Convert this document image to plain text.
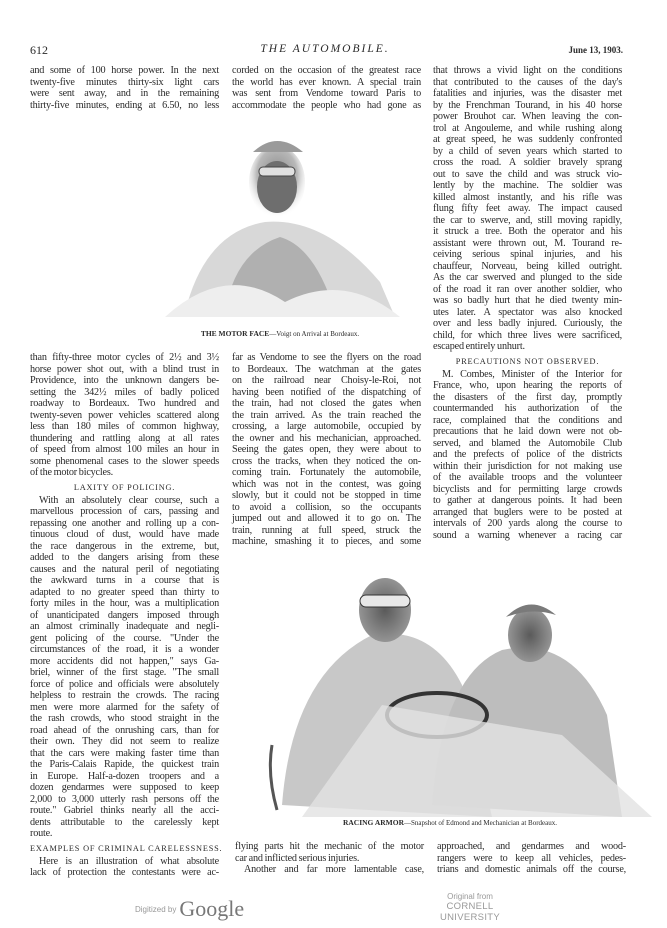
612	THE AUTOMOBILE.	June 13, 1903.
and some of 100 horse power. In the next
twenty-five minutes thirty-six light cars
were sent away, and in the remaining
thirty-five minutes, ending at 6.50, no less
corded on the occasion of the greatest race
the world has ever known. A special train
was sent from Vendome toward Paris to
accommodate the people who had gone as
that throws a vivid light on the conditions
that contributed to the causes of the day's
fatalities and injuries, was the disaster met
by the Frenchman Tourand, in his 40 horse
power Brouhot car. When leaving the con-
trol at Angouleme, and while rushing along
at great speed, he was suddenly confronted
by a child of seven years which started to
cross the road. A soldier bravely sprang
out to save the child and was struck vio-
lently by the machine. The soldier was
killed almost instantly, and his rifle was
flung fifty feet away. The impact caused
the car to swerve, and, still moving rapidly,
it struck a tree. Both the operator and his
assistant were thrown out, M. Tourand re-
ceiving serious spinal injuries, and his
chauffeur, Norveau, being killed outright.
As the car swerved and plunged to the side
of the road it ran over another soldier, who
was so badly hurt that he died twenty min-
utes later. A spectator was also knocked
over and less badly injured. Curiously, the
child, for which three lives were sacrificed,
escaped entirely unhurt.
PRECAUTIONS NOT OBSERVED.
M. Combes, Minister of the Interior for
France, who, upon hearing the reports of
the disasters of the first day, promptly
countermanded his authorization of the
race, complained that the conditions and
precautions that he laid down were not ob-
served, and blamed the Automobile Club
and the prefects of police of the districts
within their jurisdiction for not making use
of the available troops and the volunteer
bicyclists and for permitting large crowds
to gather at dangerous points. It had been
arranged that buglers were to be posted at
intervals of 200 yards along the course to
sound a warning whenever a racing car
THE MOTOR FACE—Voigt on Arrival at Bordeaux.
than fifty-three motor cycles of 2½ and 3½
horse power shot out, with a blind trust in
Providence, into the unknown dangers be-
setting the 342½ miles of badly policed
roadway to Bordeaux. Two hundred and
twenty-seven power vehicles scattered along
less than 180 miles of common highway,
thundering and rattling along at all rates
of speed from almost 100 miles an hour in
some phenomenal cases to the slower speeds
of the motor bicycles.
LAXITY OF POLICING.
With an absolutely clear course, such a
marvellous procession of cars, passing and
repassing one another and rolling up a con-
tinuous cloud of dust, would have made
the race dangerous in the extreme, but,
added to the dangers arising from these
causes and the natural peril of negotiating
the awkward turns in a course that is
adapted to no greater speed than thirty to
forty miles in the hour, was a multiplication
of unanticipated dangers imposed through
an almost criminally inadequate and negli-
gent policing of the course. "Under the
circumstances of the road, it is a wonder
more accidents did not happen," says Ga-
briel, winner of the first stage. "The small
force of police and officials were absolutely
helpless to restrain the crowds. The racing
men were more alarmed for the safety of
the rash crowds, who stood straight in the
road ahead of the onrushing cars, than for
their own. They did not seem to realize
that the cars were making faster time than
the Paris-Calais Rapide, the quickest train
in Europe. Half-a-dozen troopers and a
dozen gendarmes were supposed to keep
2,000 to 3,000 utterly rash persons off the
route." Gabriel thinks nearly all the acci-
dents attributable to the carelessly kept
route.
EXAMPLES OF CRIMINAL CARELESSNESS.
Here is an illustration of what absolute
lack of protection the contestants were ac-
far as Vendome to see the flyers on the road
to Bordeaux. The watchman at the gates
on the railroad near Choisy-le-Roi, not
having been notified of the dispatching of
the train, had not closed the gates when
the train arrived. As the train reached the
crossing, a large automobile, occupied by
the owner and his mechanician, approached.
Seeing the gates open, they were about to
cross the tracks, when they noticed the on-
coming train. Fortunately the automobile,
which was not in the contest, was going
slowly, but it could not be stopped in time
to avoid a collision, so the occupants
jumped out and allowed it to go on. The
train, running at full speed, struck the
machine, smashing it to pieces, and some
RACING ARMOR—Snapshot of Edmond and Mechanician at Bordeaux.
flying parts hit the mechanic of the motor
car and inflicted serious injuries.
Another and far more lamentable case,
approached, and gendarmes and wood-
rangers were to keep all vehicles, pedes-
trians and domestic animals off the course,
Digitized by Google	Original from
CORNELL UNIVERSITY
